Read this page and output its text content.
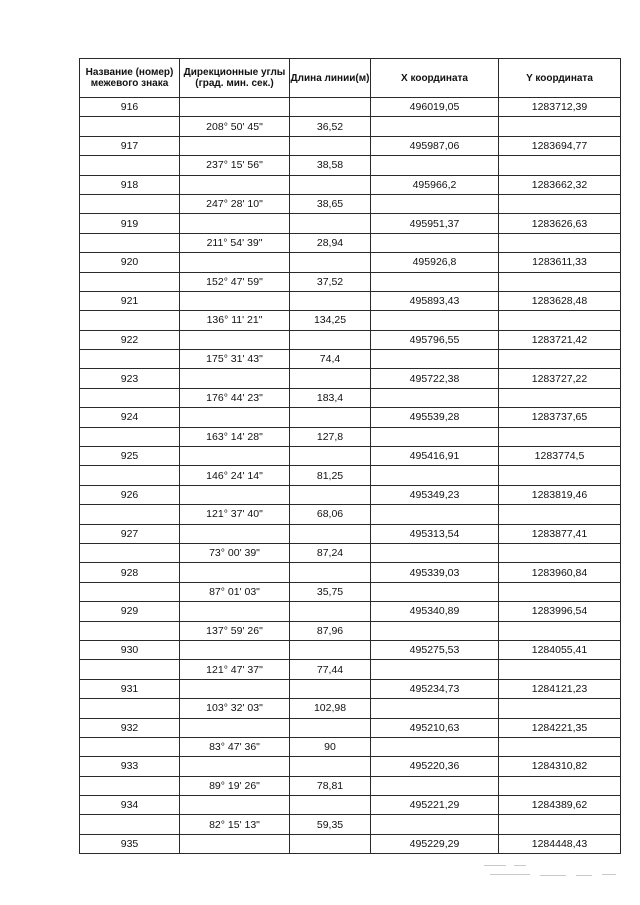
Название (номер) межевого знака	Дирекционные углы (град. мин. сек.)	Длина линии(м)	X координата	Y координата
916			496019,05	1283712,39
	208° 50' 45"	36,52		
917			495987,06	1283694,77
	237° 15' 56"	38,58		
918			495966,2	1283662,32
	247° 28' 10"	38,65		
919			495951,37	1283626,63
	211° 54' 39"	28,94		
920			495926,8	1283611,33
	152° 47' 59"	37,52		
921			495893,43	1283628,48
	136° 11' 21"	134,25		
922			495796,55	1283721,42
	175° 31' 43"	74,4		
923			495722,38	1283727,22
	176° 44' 23"	183,4		
924			495539,28	1283737,65
	163° 14' 28"	127,8		
925			495416,91	1283774,5
	146° 24' 14"	81,25		
926			495349,23	1283819,46
	121° 37' 40"	68,06		
927			495313,54	1283877,41
	73° 00' 39"	87,24		
928			495339,03	1283960,84
	87° 01' 03"	35,75		
929			495340,89	1283996,54
	137° 59' 26"	87,96		
930			495275,53	1284055,41
	121° 47' 37"	77,44		
931			495234,73	1284121,23
	103° 32' 03"	102,98		
932			495210,63	1284221,35
	83° 47' 36"	90		
933			495220,36	1284310,82
	89° 19' 26"	78,81		
934			495221,29	1284389,62
	82° 15' 13"	59,35		
935			495229,29	1284448,43
